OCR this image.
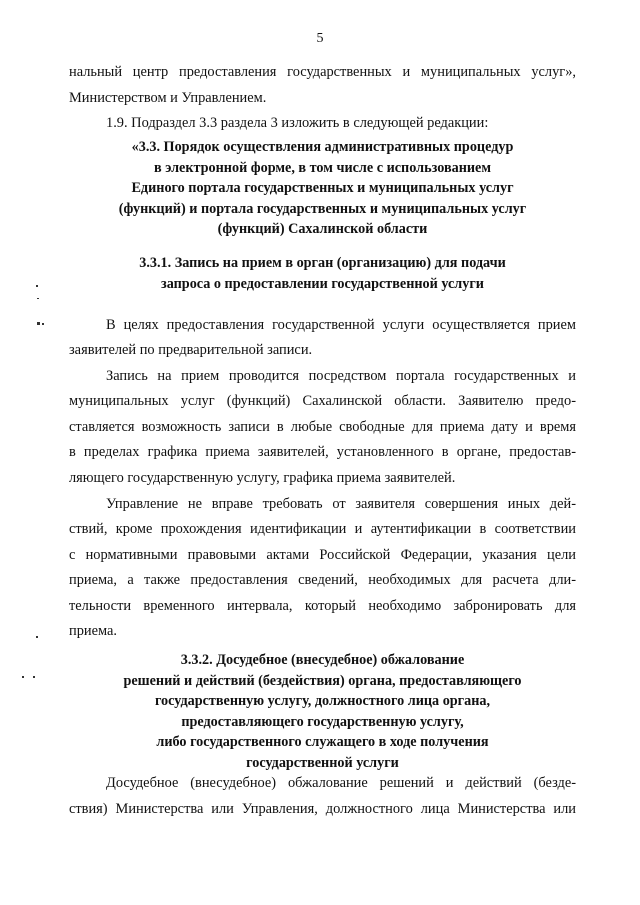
5
нальный центр предоставления государственных и муниципальных услуг»,
Министерством и Управлением.
1.9. Подраздел 3.3 раздела 3 изложить в следующей редакции:
«3.3. Порядок осуществления административных процедур
в электронной форме, в том числе с использованием
Единого портала государственных и муниципальных услуг
(функций) и портала государственных и муниципальных услуг
(функций) Сахалинской области
3.3.1. Запись на прием в орган (организацию) для подачи
запроса о предоставлении государственной услуги
В целях предоставления государственной услуги осуществляется прием
заявителей по предварительной записи.
Запись на прием проводится посредством портала государственных и
муниципальных услуг (функций) Сахалинской области. Заявителю предо-
ставляется возможность записи в любые свободные для приема дату и время
в пределах графика приема заявителей, установленного в органе, предостав-
ляющего государственную услугу, графика приема заявителей.
Управление не вправе требовать от заявителя совершения иных дей-
ствий, кроме прохождения идентификации и аутентификации в соответствии
с нормативными правовыми актами Российской Федерации, указания цели
приема, а также предоставления сведений, необходимых для расчета дли-
тельности временного интервала, который необходимо забронировать для
приема.
3.3.2. Досудебное (внесудебное) обжалование
решений и действий (бездействия) органа, предоставляющего
государственную услугу, должностного лица органа,
предоставляющего государственную услугу,
либо государственного служащего в ходе получения
государственной услуги
Досудебное (внесудебное) обжалование решений и действий (безде-
ствия) Министерства или Управления, должностного лица Министерства или
